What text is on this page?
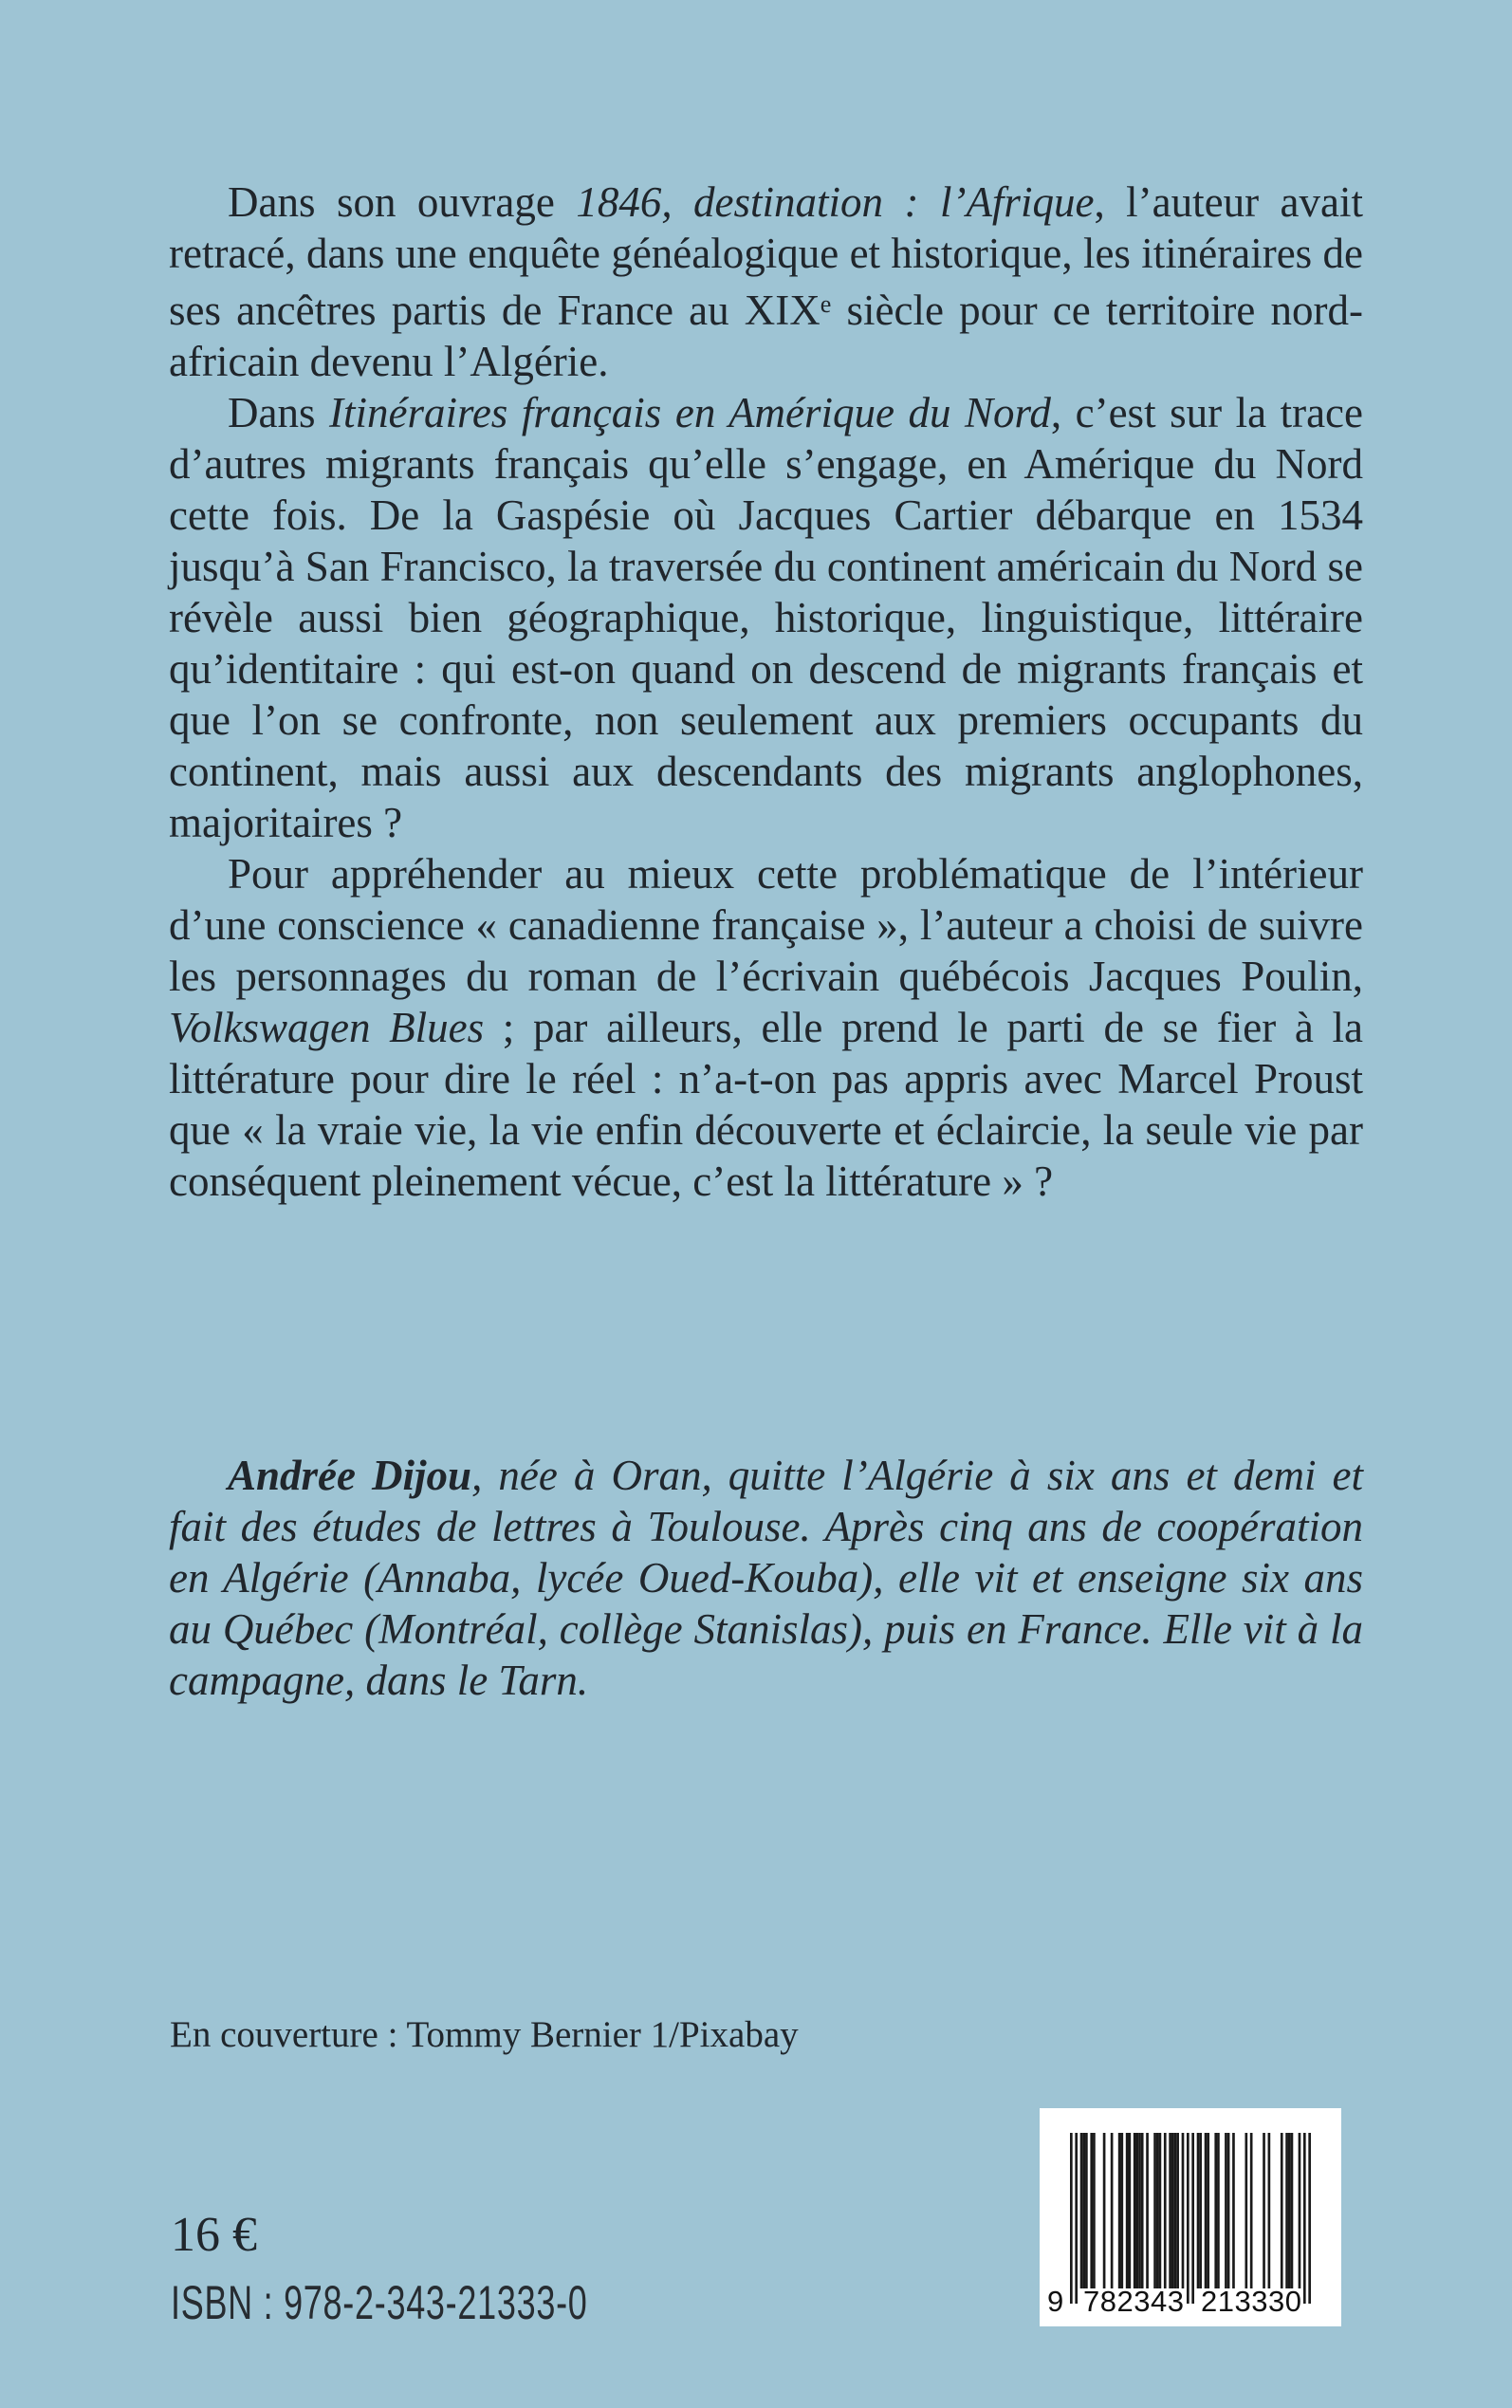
Dans son ouvrage 1846, destination : l’Afrique, l’auteur avait retracé, dans une enquête généalogique et historique, les itinéraires de ses ancêtres partis de France au XIXe siècle pour ce territoire nord-africain devenu l’Algérie.

Dans Itinéraires français en Amérique du Nord, c’est sur la trace d’autres migrants français qu’elle s’engage, en Amérique du Nord cette fois. De la Gaspésie où Jacques Cartier débarque en 1534 jusqu’à San Francisco, la traversée du continent américain du Nord se révèle aussi bien géographique, historique, linguistique, littéraire qu’identitaire : qui est-on quand on descend de migrants français et que l’on se confronte, non seulement aux premiers occupants du continent, mais aussi aux descendants des migrants anglophones, majoritaires ?

Pour appréhender au mieux cette problématique de l’intérieur d’une conscience « canadienne française », l’auteur a choisi de suivre les personnages du roman de l’écrivain québécois Jacques Poulin, Volkswagen Blues ; par ailleurs, elle prend le parti de se fier à la littérature pour dire le réel : n’a-t-on pas appris avec Marcel Proust que « la vraie vie, la vie enfin découverte et éclaircie, la seule vie par conséquent pleinement vécue, c’est la littérature » ?

Andrée Dijou, née à Oran, quitte l’Algérie à six ans et demi et fait des études de lettres à Toulouse. Après cinq ans de coopération en Algérie (Annaba, lycée Oued-Kouba), elle vit et enseigne six ans au Québec (Montréal, collège Stanislas), puis en France. Elle vit à la campagne, dans le Tarn.

En couverture : Tommy Bernier 1/Pixabay

16 €

ISBN : 978-2-343-21333-0	9 7 8 2 3 4 3 2 1 3 3 3 0
